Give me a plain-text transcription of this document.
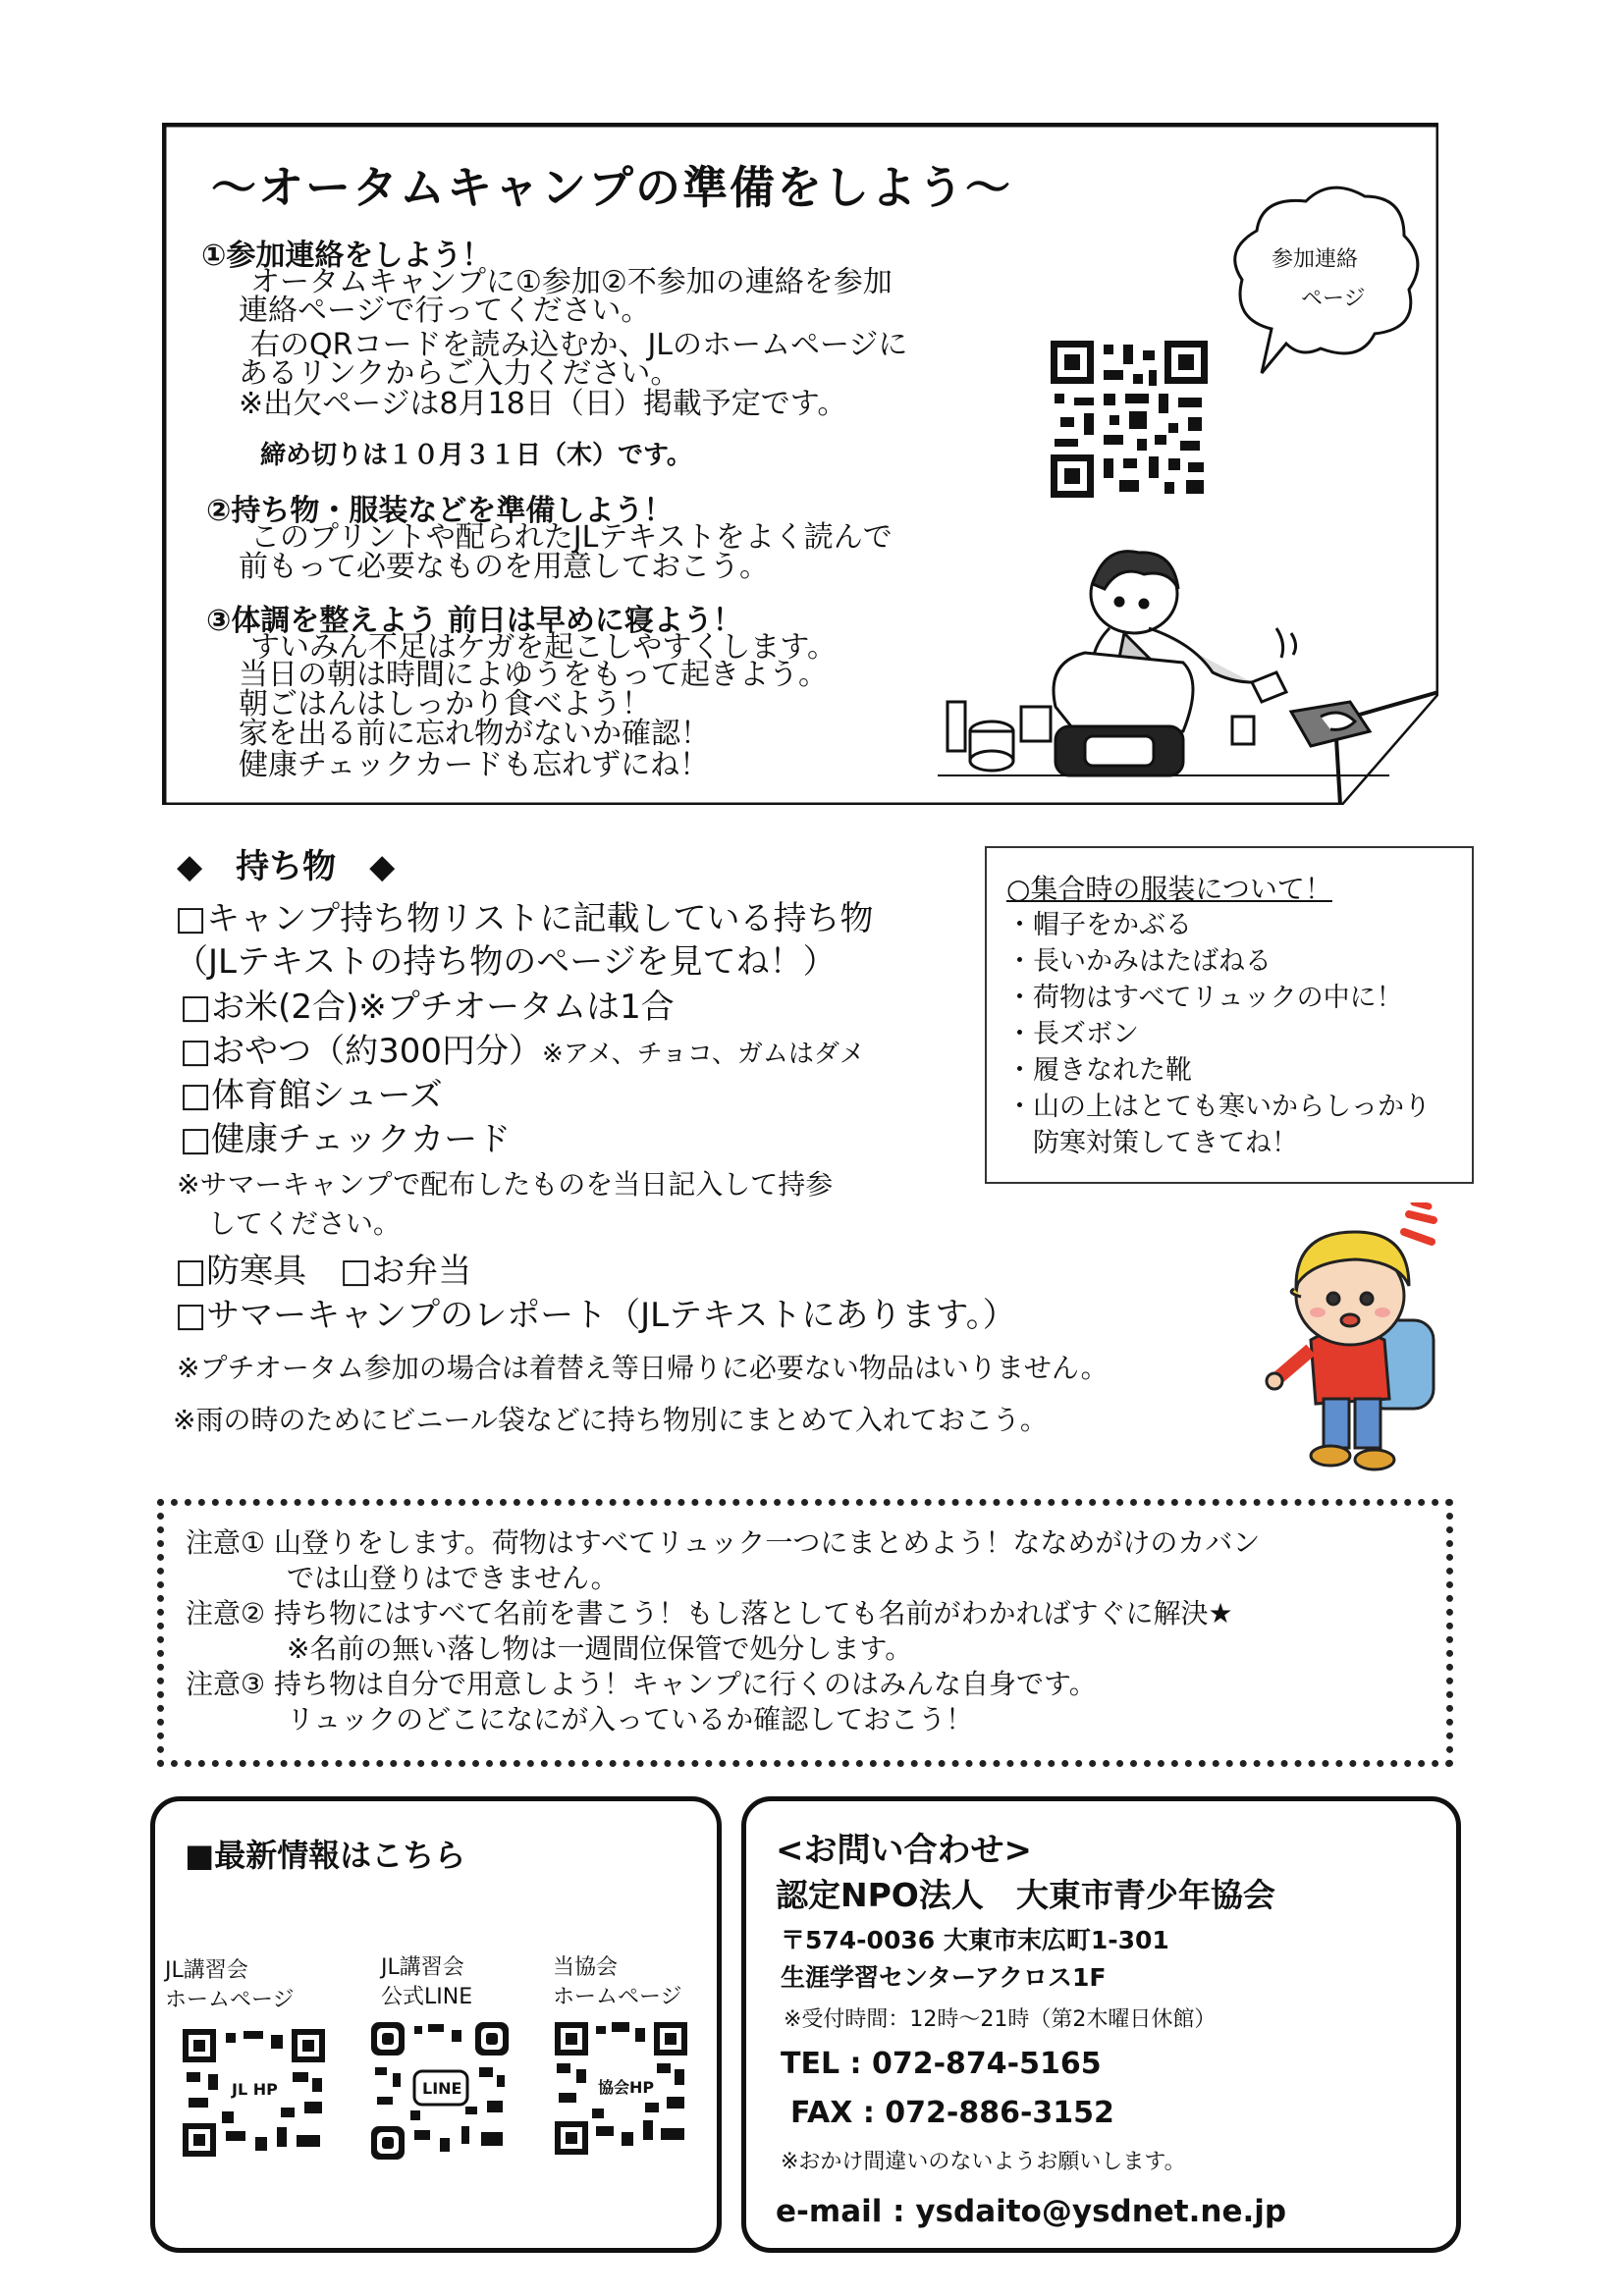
～オータムキャンプの準備をしよう～
①参加連絡をしよう！
　オータムキャンプに①参加②不参加の連絡を参加
連絡ページで行ってください。
　右のQRコードを読み込むか、JLのホームページに
あるリンクからご入力ください。
※出欠ページは8月18日（日）掲載予定です。
締め切りは１０月３１日（木）です。
②持ち物・服装などを準備しよう！
　このプリントや配られたJLテキストをよく読んで
前もって必要なものを用意しておこう。
③体調を整えよう 前日は早めに寝よう！
　すいみん不足はケガを起こしやすくします。
当日の朝は時間によゆうをもって起きよう。
朝ごはんはしっかり食べよう！
家を出る前に忘れ物がないか確認！
健康チェックカードも忘れずにね！
参加連絡
ページ
◆　持ち物　◆
□キャンプ持ち物リストに記載している持ち物
（JLテキストの持ち物のページを見てね！）
□お米(2合)※プチオータムは1合
□おやつ（約300円分）※アメ、チョコ、ガムはダメ
□体育館シューズ
□健康チェックカード
※サマーキャンプで配布したものを当日記入して持参
してください。
□防寒具　□お弁当
□サマーキャンプのレポート（JLテキストにあります。）
※プチオータム参加の場合は着替え等日帰りに必要ない物品はいりません。
※雨の時のためにビニール袋などに持ち物別にまとめて入れておこう。
○集合時の服装について！
・帽子をかぶる
・長いかみはたばねる
・荷物はすべてリュックの中に！
・長ズボン
・履きなれた靴
・山の上はとても寒いからしっかり
　防寒対策してきてね！
注意① 山登りをします。荷物はすべてリュック一つにまとめよう！ななめがけのカバン
では山登りはできません。
注意② 持ち物にはすべて名前を書こう！もし落としても名前がわかればすぐに解決★
※名前の無い落し物は一週間位保管で処分します。
注意③ 持ち物は自分で用意しよう！キャンプに行くのはみんな自身です。
リュックのどこになにが入っているか確認しておこう！
■最新情報はこちら
JL講習会
ホームページ
JL講習会
公式LINE
当協会
ホームページ
JL HP	LINE	協会HP
<お問い合わせ>
認定NPO法人　大東市青少年協会
〒574-0036 大東市末広町1-301
生涯学習センターアクロス1F
※受付時間：12時～21時（第2木曜日休館）
TEL : 072-874-5165
FAX : 072-886-3152
※おかけ間違いのないようお願いします。
e-mail : ysdaito@ysdnet.ne.jp
